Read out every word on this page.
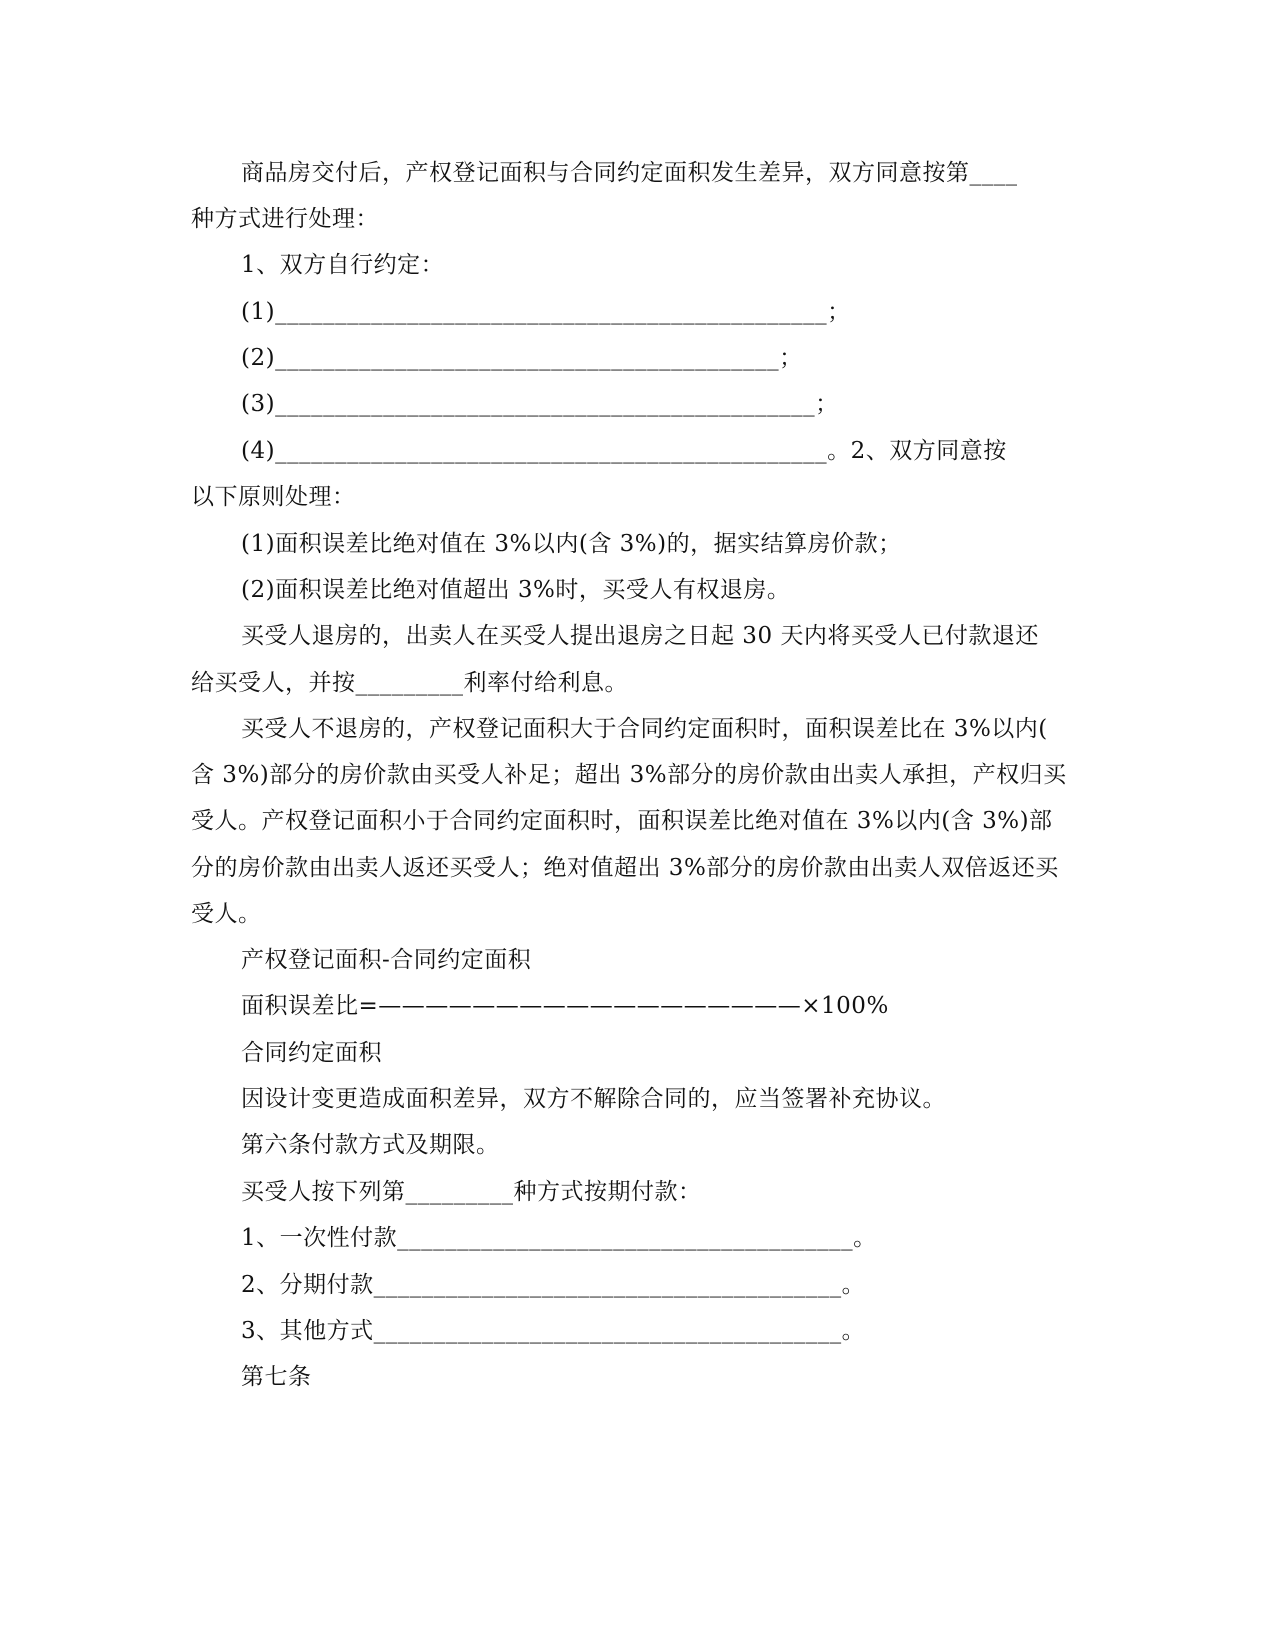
商品房交付后，产权登记面积与合同约定面积发生差异，双方同意按第____
种方式进行处理：
1、双方自行约定：
(1)______________________________________________；
(2)__________________________________________；
(3)_____________________________________________；
(4)______________________________________________。2、双方同意按
以下原则处理：
(1)面积误差比绝对值在 3%以内(含 3%)的，据实结算房价款；
(2)面积误差比绝对值超出 3%时，买受人有权退房。
买受人退房的，出卖人在买受人提出退房之日起 30 天内将买受人已付款退还
给买受人，并按_________利率付给利息。
买受人不退房的，产权登记面积大于合同约定面积时，面积误差比在 3%以内(
含 3%)部分的房价款由买受人补足；超出 3%部分的房价款由出卖人承担，产权归买
受人。产权登记面积小于合同约定面积时，面积误差比绝对值在 3%以内(含 3%)部
分的房价款由出卖人返还买受人；绝对值超出 3%部分的房价款由出卖人双倍返还买
受人。
产权登记面积-合同约定面积
面积误差比=——————————————————×100%
合同约定面积
因设计变更造成面积差异，双方不解除合同的，应当签署补充协议。
第六条付款方式及期限。
买受人按下列第_________种方式按期付款：
1、一次性付款______________________________________。
2、分期付款_______________________________________。
3、其他方式_______________________________________。
第七条
